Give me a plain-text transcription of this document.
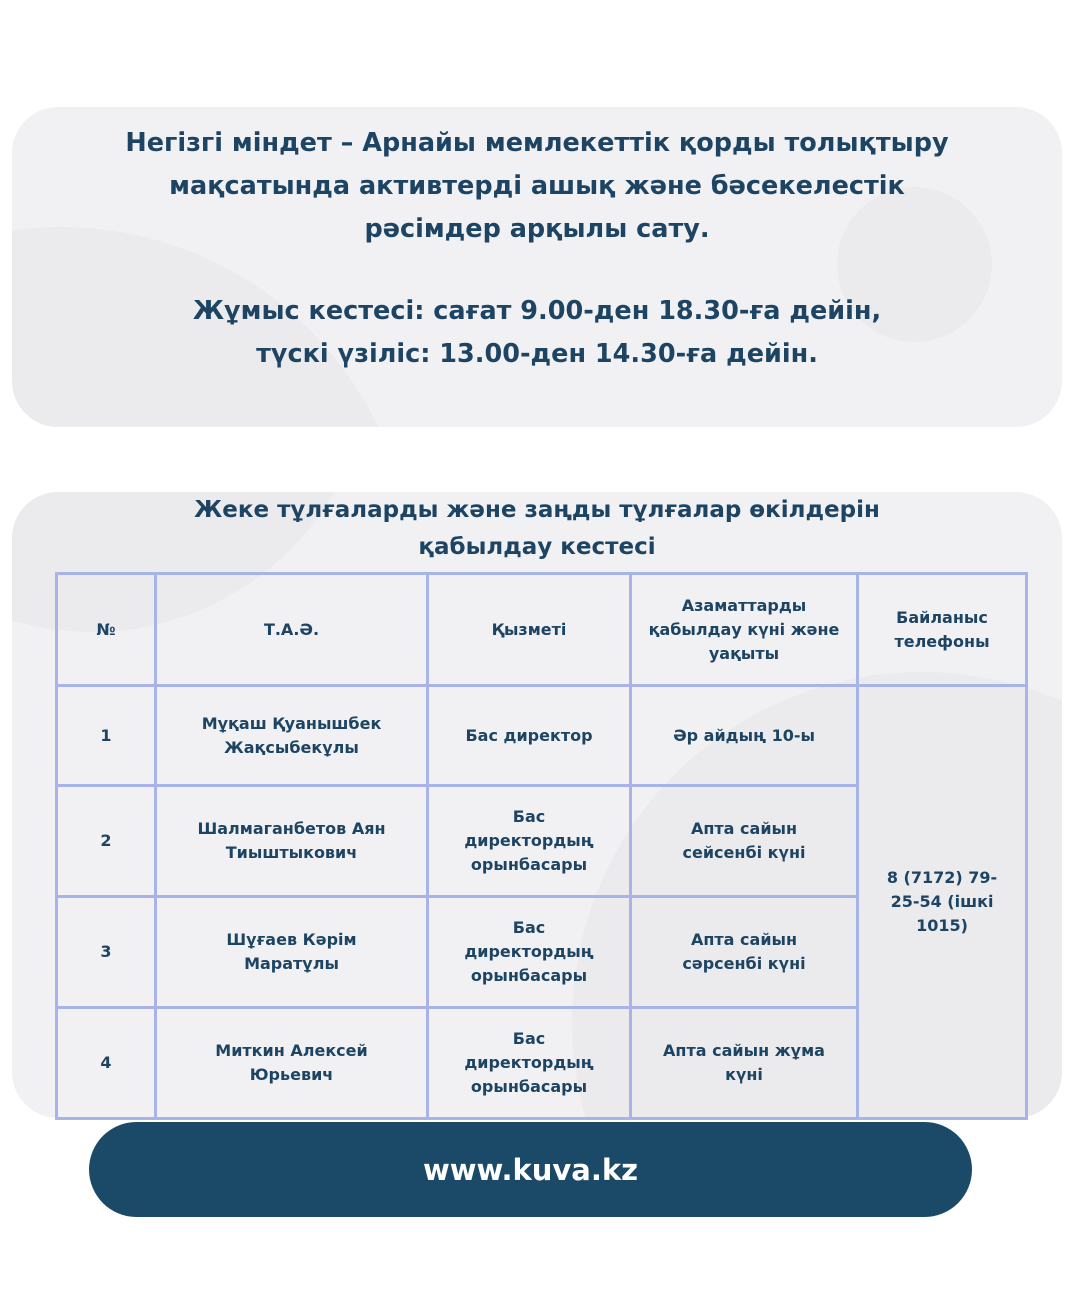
Негізгі міндет – Арнайы мемлекеттік қорды толықтыру
мақсатында активтерді ашық және бәсекелестік
рәсімдер арқылы сату.
Жұмыс кестесі: сағат 9.00-ден 18.30-ға дейін,
түскі үзіліс: 13.00-ден 14.30-ға дейін.
Жеке тұлғаларды және заңды тұлғалар өкілдерін
қабылдау кестесі
№	Т.А.Ә.	Қызметі	Азаматтарды қабылдау күні және уақыты	Байланыс телефоны
1	Мұқаш Қуанышбек Жақсыбекұлы	Бас директор	Әр айдың 10-ы	8 (7172) 79-25-54 (ішкі 1015)
2	Шалмаганбетов Аян Тиыштыкович	Бас директордың орынбасары	Апта сайын сейсенбі күні	
3	Шұғаев Кәрім Маратұлы	Бас директордың орынбасары	Апта сайын сәрсенбі күні	
4	Миткин Алексей Юрьевич	Бас директордың орынбасары	Апта сайын жұма күні	
www.kuva.kz
